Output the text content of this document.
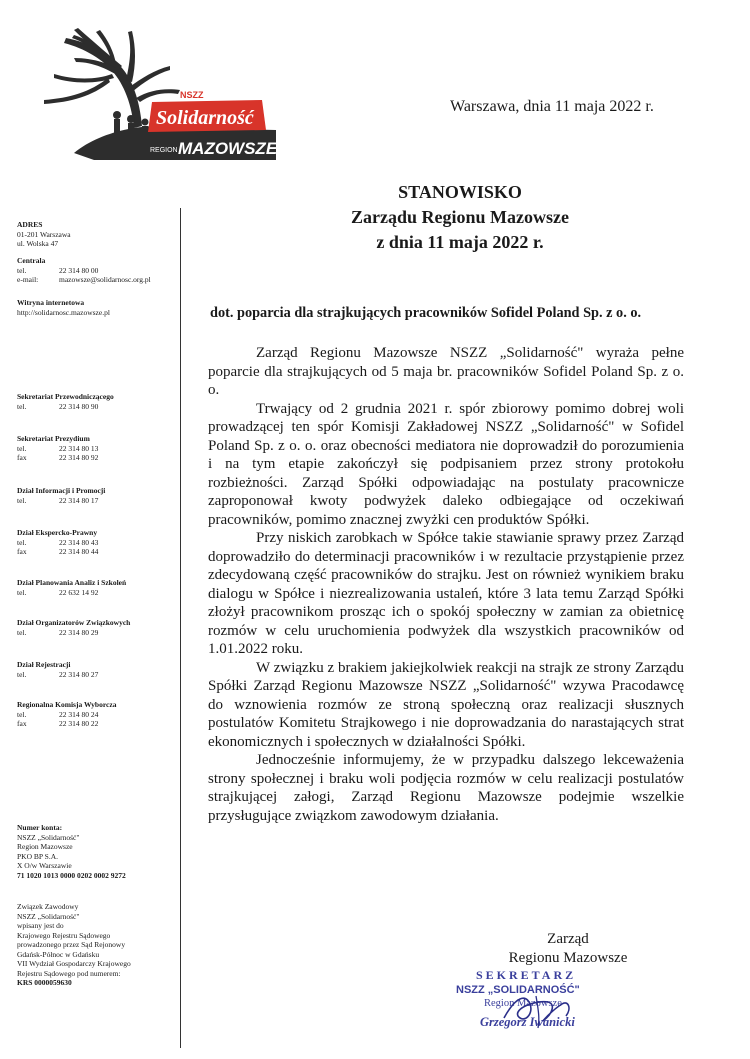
NSZZ
Solidarność
REGION MAZOWSZE
Warszawa, dnia 11 maja 2022 r.
STANOWISKO
Zarządu Regionu Mazowsze
z dnia 11 maja 2022 r.
ADRES
01-201 Warszawa
ul. Wolska 47
Centrala
tel.	22 314 80 00
e-mail:	mazowsze@solidarnosc.org.pl
Witryna internetowa
http://solidarnosc.mazowsze.pl
Sekretariat Przewodniczącego
tel.	22 314 80 90
Sekretariat Prezydium
tel.	22 314 80 13
fax	22 314 80 92
Dział Informacji i Promocji
tel.	22 314 80 17
Dział Ekspercko-Prawny
tel.	22 314 80 43
fax	22 314 80 44
Dział Planowania Analiz i Szkoleń
tel.	22 632 14 92
Dział Organizatorów Związkowych
tel.	22 314 80 29
Dział Rejestracji
tel.	22 314 80 27
Regionalna Komisja Wyborcza
tel.	22 314 80 24
fax	22 314 80 22
Numer konta:
NSZZ „Solidarność"
Region Mazowsze
PKO BP S.A.
X O/w Warszawie
71 1020 1013 0000 0202 0002 9272
Związek Zawodowy
NSZZ „Solidarność"
wpisany jest do
Krajowego Rejestru Sądowego
prowadzonego przez Sąd Rejonowy
Gdańsk-Północ w Gdańsku
VII Wydział Gospodarczy Krajowego
Rejestru Sądowego pod numerem:
KRS 0000059630
dot. poparcia dla strajkujących pracowników Sofidel Poland Sp. z o. o.

Zarząd Regionu Mazowsze NSZZ „Solidarność" wyraża pełne poparcie dla strajkujących od 5 maja br. pracowników Sofidel Poland Sp. z o. o.

Trwający od 2 grudnia 2021 r. spór zbiorowy pomimo dobrej woli prowadzącej ten spór Komisji Zakładowej NSZZ „Solidarność" w Sofidel Poland Sp. z o. o. oraz obecności mediatora nie doprowadził do porozumienia i na tym etapie zakończył się podpisaniem przez strony protokołu rozbieżności. Zarząd Spółki odpowiadając na postulaty pracownicze zaproponował kwoty podwyżek daleko odbiegające od oczekiwań pracowników, pomimo znacznej zwyżki cen produktów Spółki.

Przy niskich zarobkach w Spółce takie stawianie sprawy przez Zarząd doprowadziło do determinacji pracowników i w rezultacie przystąpienie przez zdecydowaną część pracowników do strajku. Jest on również wynikiem braku dialogu w Spółce i niezrealizowania ustaleń, które 3 lata temu Zarząd Spółki złożył pracownikom prosząc ich o spokój społeczny w zamian za obietnicę rozmów w celu uruchomienia podwyżek dla wszystkich pracowników od 1.01.2022 roku.

W związku z brakiem jakiejkolwiek reakcji na strajk ze strony Zarządu Spółki Zarząd Regionu Mazowsze NSZZ „Solidarność" wzywa Pracodawcę do wznowienia rozmów ze stroną społeczną oraz realizacji słusznych postulatów Komitetu Strajkowego i nie doprowadzania do narastających strat ekonomicznych i społecznych w działalności Spółki.

Jednocześnie informujemy, że w przypadku dalszego lekceważenia strony społecznej i braku woli podjęcia rozmów w celu realizacji postulatów strajkującej załogi, Zarząd Regionu Mazowsze podejmie wszelkie przysługujące związkom zawodowym działania.

Zarząd
Regionu Mazowsze
SEKRETARZ
NSZZ „SOLIDARNOŚĆ"
Region Mazowsze
Grzegorz Iwanicki
